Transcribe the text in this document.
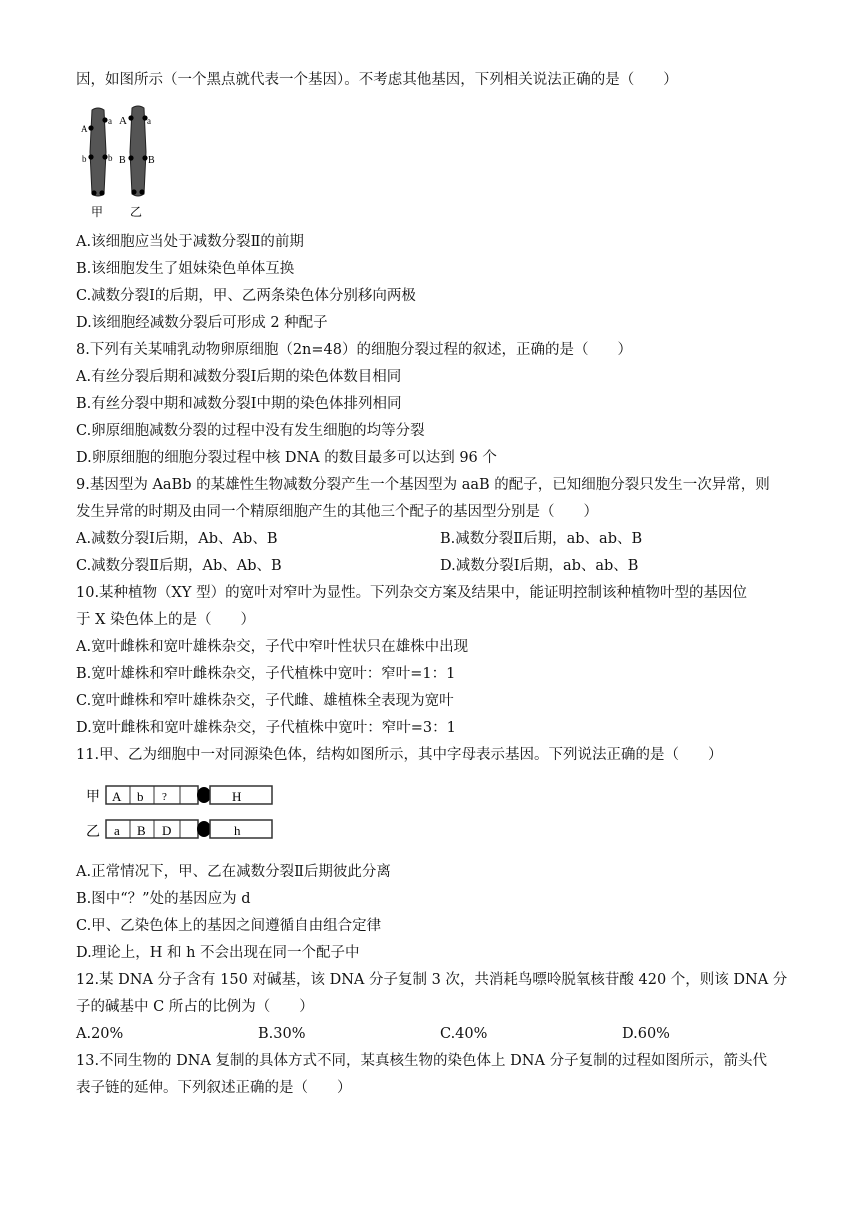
因，如图所示（一个黑点就代表一个基因）。不考虑其他基因，下列相关说法正确的是（　　）
a
A
b b
A a
B B
甲 乙
A.该细胞应当处于减数分裂Ⅱ的前期
B.该细胞发生了姐妹染色单体互换
C.减数分裂Ⅰ的后期，甲、乙两条染色体分别移向两极
D.该细胞经减数分裂后可形成 2 种配子
8.下列有关某哺乳动物卵原细胞（2n=48）的细胞分裂过程的叙述，正确的是（　　）
A.有丝分裂后期和减数分裂Ⅰ后期的染色体数目相同
B.有丝分裂中期和减数分裂Ⅰ中期的染色体排列相同
C.卵原细胞减数分裂的过程中没有发生细胞的均等分裂
D.卵原细胞的细胞分裂过程中核 DNA 的数目最多可以达到 96 个
9.基因型为 AaBb 的某雄性生物减数分裂产生一个基因型为 aaB 的配子，已知细胞分裂只发生一次异常，则
发生异常的时期及由同一个精原细胞产生的其他三个配子的基因型分别是（　　）
A.减数分裂Ⅰ后期，Ab、Ab、B	B.减数分裂Ⅱ后期，ab、ab、B
C.减数分裂Ⅱ后期，Ab、Ab、B	D.减数分裂Ⅰ后期，ab、ab、B
10.某种植物（XY 型）的宽叶对窄叶为显性。下列杂交方案及结果中，能证明控制该种植物叶型的基因位
于 X 染色体上的是（　　）
A.宽叶雌株和宽叶雄株杂交，子代中窄叶性状只在雄株中出现
B.宽叶雄株和窄叶雌株杂交，子代植株中宽叶：窄叶=1：1
C.宽叶雌株和窄叶雄株杂交，子代雌、雄植株全表现为宽叶
D.宽叶雌株和宽叶雄株杂交，子代植株中宽叶：窄叶=3：1
11.甲、乙为细胞中一对同源染色体，结构如图所示，其中字母表示基因。下列说法正确的是（　　）
甲 A b ?	H
乙 a B D	h
A.正常情况下，甲、乙在减数分裂Ⅱ后期彼此分离
B.图中“？”处的基因应为 d
C.甲、乙染色体上的基因之间遵循自由组合定律
D.理论上，H 和 h 不会出现在同一个配子中
12.某 DNA 分子含有 150 对碱基，该 DNA 分子复制 3 次，共消耗鸟嘌呤脱氧核苷酸 420 个，则该 DNA 分
子的碱基中 C 所占的比例为（　　）
A.20%	B.30%	C.40%	D.60%
13.不同生物的 DNA 复制的具体方式不同，某真核生物的染色体上 DNA 分子复制的过程如图所示，箭头代
表子链的延伸。下列叙述正确的是（　　）
